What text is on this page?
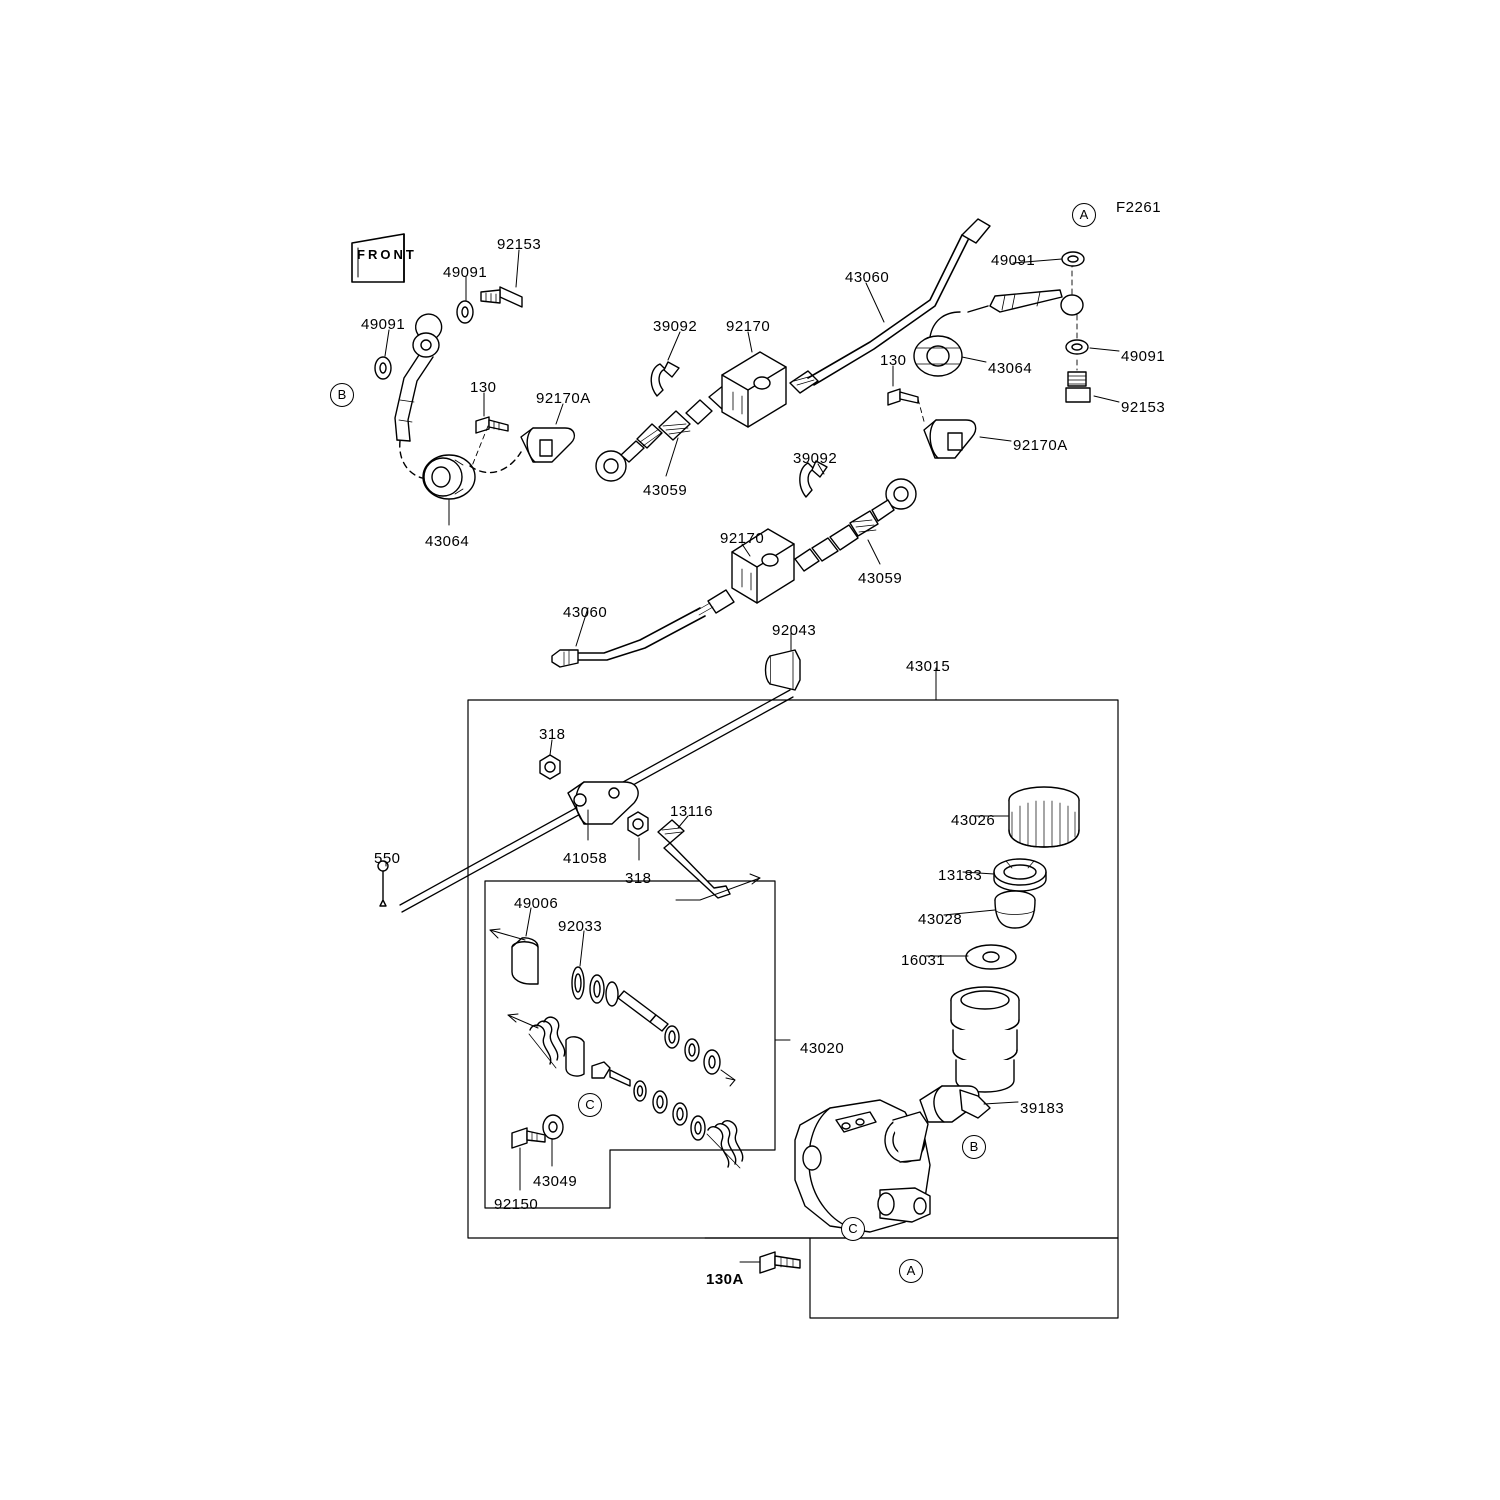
FRONT
F2261
92153
49091	43060
49091
49091	39092 92170
130	43064
49091
130
92170A
92153
92170A
43059
39092
43064	92170
43059
43060
92043
43015
318
13116
43026
41058
318
550
13183
43028
49006
92033
16031
43020
39183
43049
92150
130A
A
B
C
B
C
A
